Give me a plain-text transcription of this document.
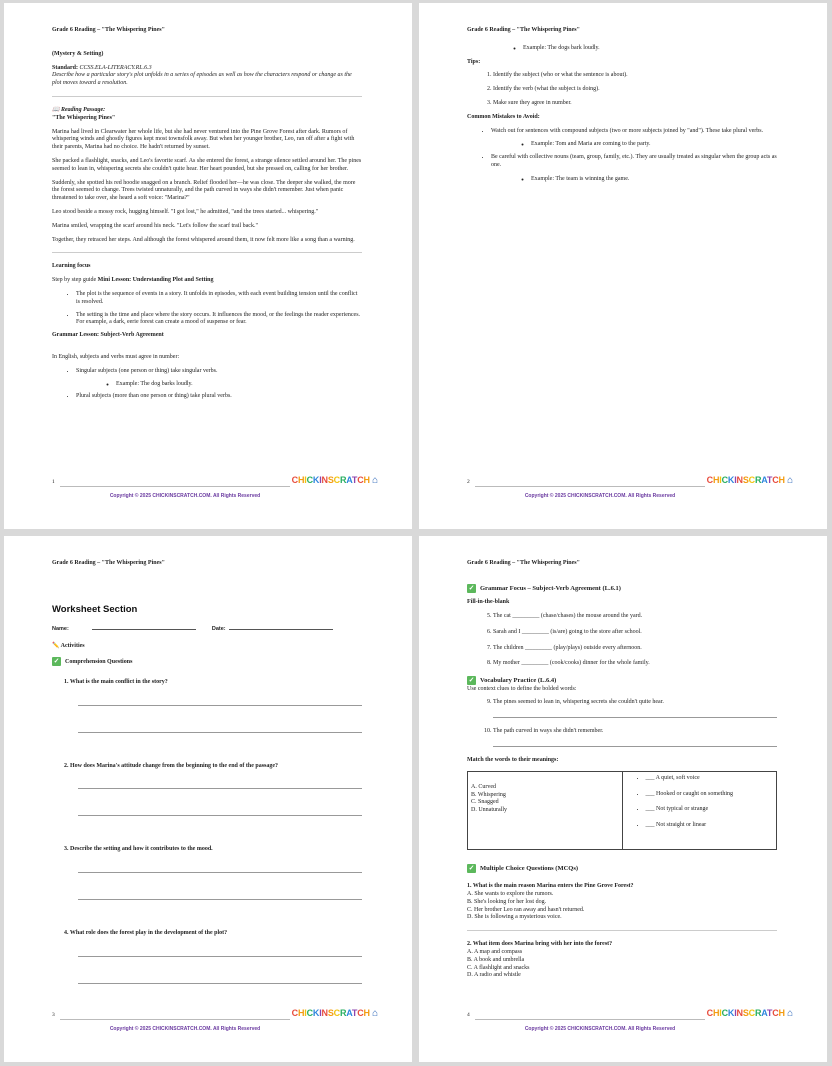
Grade 6 Reading – "The Whispering Pines"

(Mystery & Setting)

Standard: CCSS.ELA-LITERACY.RL.6.3
Describe how a particular story's plot unfolds in a series of episodes as well as how the characters respond or change as the plot moves toward a resolution.
📖 Reading Passage:

"The Whispering Pines"

Marina had lived in Clearwater her whole life, but she had never ventured into the Pine Grove Forest after dark. Rumors of whispering winds and ghostly figures kept most townsfolk away. But when her younger brother, Leo, ran off after a fight with their parents, Marina had no choice. He hadn't returned by sunset.

She packed a flashlight, snacks, and Leo's favorite scarf. As she entered the forest, a strange silence settled around her. The pines seemed to lean in, whispering secrets she couldn't quite hear. Her heart pounded, but she pressed on, calling for her brother.

Suddenly, she spotted his red hoodie snagged on a branch. Relief flooded her—he was close. The deeper she walked, the more the forest seemed to change. Trees twisted unnaturally, and the path curved in ways she didn't remember. Just when panic threatened to take over, she heard a soft voice: "Marina?"

Leo stood beside a mossy rock, hugging himself. "I got lost," he admitted, "and the trees started... whispering."

Marina smiled, wrapping the scarf around his neck. "Let's follow the scarf trail back."

Together, they retraced her steps. And although the forest whispered around them, it now felt more like a song than a warning.

Learning focus

Step by step guide Mini Lesson: Understanding Plot and Setting

• The plot is the sequence of events in a story. It unfolds in episodes, with each event building tension until the conflict is resolved.
• The setting is the time and place where the story occurs. It influences the mood, or the feelings the reader experiences. For example, a dark, eerie forest can create a mood of suspense or fear.

Grammar Lesson: Subject-Verb Agreement

In English, subjects and verbs must agree in number:

• Singular subjects (one person or thing) take singular verbs.
◦ Example: The dog barks loudly.
• Plural subjects (more than one person or thing) take plural verbs.
1	CHICKINSCRATCH ⌂
Copyright © 2025 CHICKINSCRATCH.COM. All Rights Reserved
Grade 6 Reading – "The Whispering Pines"
◦ Example: The dogs bark loudly.

Tips:

1. Identify the subject (who or what the sentence is about).
2. Identify the verb (what the subject is doing).
3. Make sure they agree in number.

Common Mistakes to Avoid:

• Watch out for sentences with compound subjects (two or more subjects joined by "and"). These take plural verbs.
◦ Example: Tom and Maria are coming to the party.
• Be careful with collective nouns (team, group, family, etc.). They are usually treated as singular when the group acts as one.
◦ Example: The team is winning the game.
2	CHICKINSCRATCH ⌂
Copyright © 2025 CHICKINSCRATCH.COM. All Rights Reserved
Grade 6 Reading – "The Whispering Pines"
Worksheet Section
Name:	Date:

✏️ Activities

✓ Comprehension Questions

1. What is the main conflict in the story?
2. How does Marina's attitude change from the beginning to the end of the passage?
3. Describe the setting and how it contributes to the mood.
4. What role does the forest play in the development of the plot?
3	CHICKINSCRATCH ⌂
Copyright © 2025 CHICKINSCRATCH.COM. All Rights Reserved
Grade 6 Reading – "The Whispering Pines"

✓ Grammar Focus – Subject-Verb Agreement (L.6.1)

Fill-in-the-blank

5. The cat _________ (chase/chases) the mouse around the yard.
6. Sarah and I _________ (is/are) going to the store after school.
7. The children _________ (play/plays) outside every afternoon.
8. My mother _________ (cook/cooks) dinner for the whole family.
✓ Vocabulary Practice (L.6.4)

Use context clues to define the bolded words:

9. The pines seemed to lean in, whispering secrets she couldn't quite hear.
10. The path curved in ways she didn't remember.

Match the words to their meanings:

A. Curved
B. Whispering
C. Snagged
D. Unnaturally

• ___ A quiet, soft voice
• ___ Hooked or caught on something
• ___ Not typical or strange
• ___ Not straight or linear

✓ Multiple Choice Questions (MCQs)

1. What is the main reason Marina enters the Pine Grove Forest?
A. She wants to explore the rumors.
B. She's looking for her lost dog.
C. Her brother Leo ran away and hasn't returned.
D. She is following a mysterious voice.
2. What item does Marina bring with her into the forest?
A. A map and compass
B. A book and umbrella
C. A flashlight and snacks
D. A radio and whistle
4	CHICKINSCRATCH ⌂
Copyright © 2025 CHICKINSCRATCH.COM. All Rights Reserved
